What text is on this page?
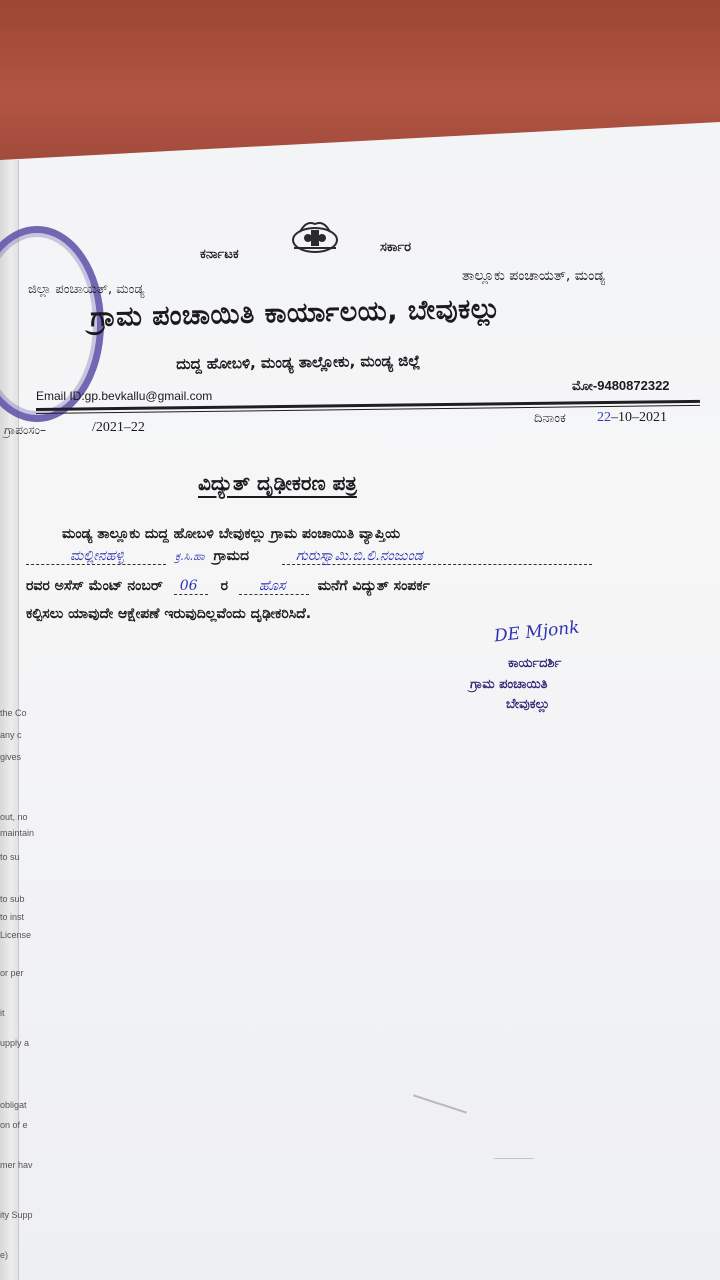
the Co
any c
gives
out, no
maintain
to su
to sub
to inst
License
or per
it
upply a
obligat
on of e
mer hav
ity Supp
e)
ಕರ್ನಾಟಕ	ಸರ್ಕಾರ
ಜಿಲ್ಲಾ ಪಂಚಾಯತ್, ಮಂಡ್ಯ
ತಾಲ್ಲೂಕು ಪಂಚಾಯತ್, ಮಂಡ್ಯ
ಗ್ರಾಮ ಪಂಚಾಯಿತಿ ಕಾರ್ಯಾಲಯ, ಬೇವುಕಲ್ಲು
ದುದ್ದ ಹೋಬಳಿ, ಮಂಡ್ಯ ತಾಲ್ಲೋಕು, ಮಂಡ್ಯ ಜಿಲ್ಲೆ
Email ID:gp.bevkallu@gmail.com
ಮೋ-9480872322
ಗ್ರಾಪಂಸಂ–	/2021–22
ದಿನಾಂಕ 22–10–2021
ವಿದ್ಯುತ್ ದೃಢೀಕರಣ ಪತ್ರ
ಮಂಡ್ಯ ತಾಲ್ಲೂಕು ದುದ್ದ ಹೋಬಳಿ ಬೇವುಕಲ್ಲು ಗ್ರಾಮ ಪಂಚಾಯಿತಿ ವ್ಯಾಪ್ತಿಯ
ಮಲ್ಲೀನಹಳ್ಳಿ	ಕ್ರ.ಸಿ.ಹಾ ಗ್ರಾಮದ	ಗುರುಸ್ವಾಮಿ.ಬಿ.ಲಿ.ನಂಜುಂಡ
ರವರ ಅಸೆಸ್ ಮೆಂಟ್ ನಂಬರ್ 06 ರ ಹೊಸ ಮನೆಗೆ ವಿದ್ಯುತ್ ಸಂಪರ್ಕ
ಕಲ್ಪಿಸಲು ಯಾವುದೇ ಆಕ್ಷೇಪಣೆ ಇರುವುದಿಲ್ಲವೆಂದು ದೃಢೀಕರಿಸಿದೆ.
DE Mjonk
ಕಾರ್ಯದರ್ಶಿ
ಗ್ರಾಮ ಪಂಚಾಯಿತಿ
ಬೇವುಕಲ್ಲು
